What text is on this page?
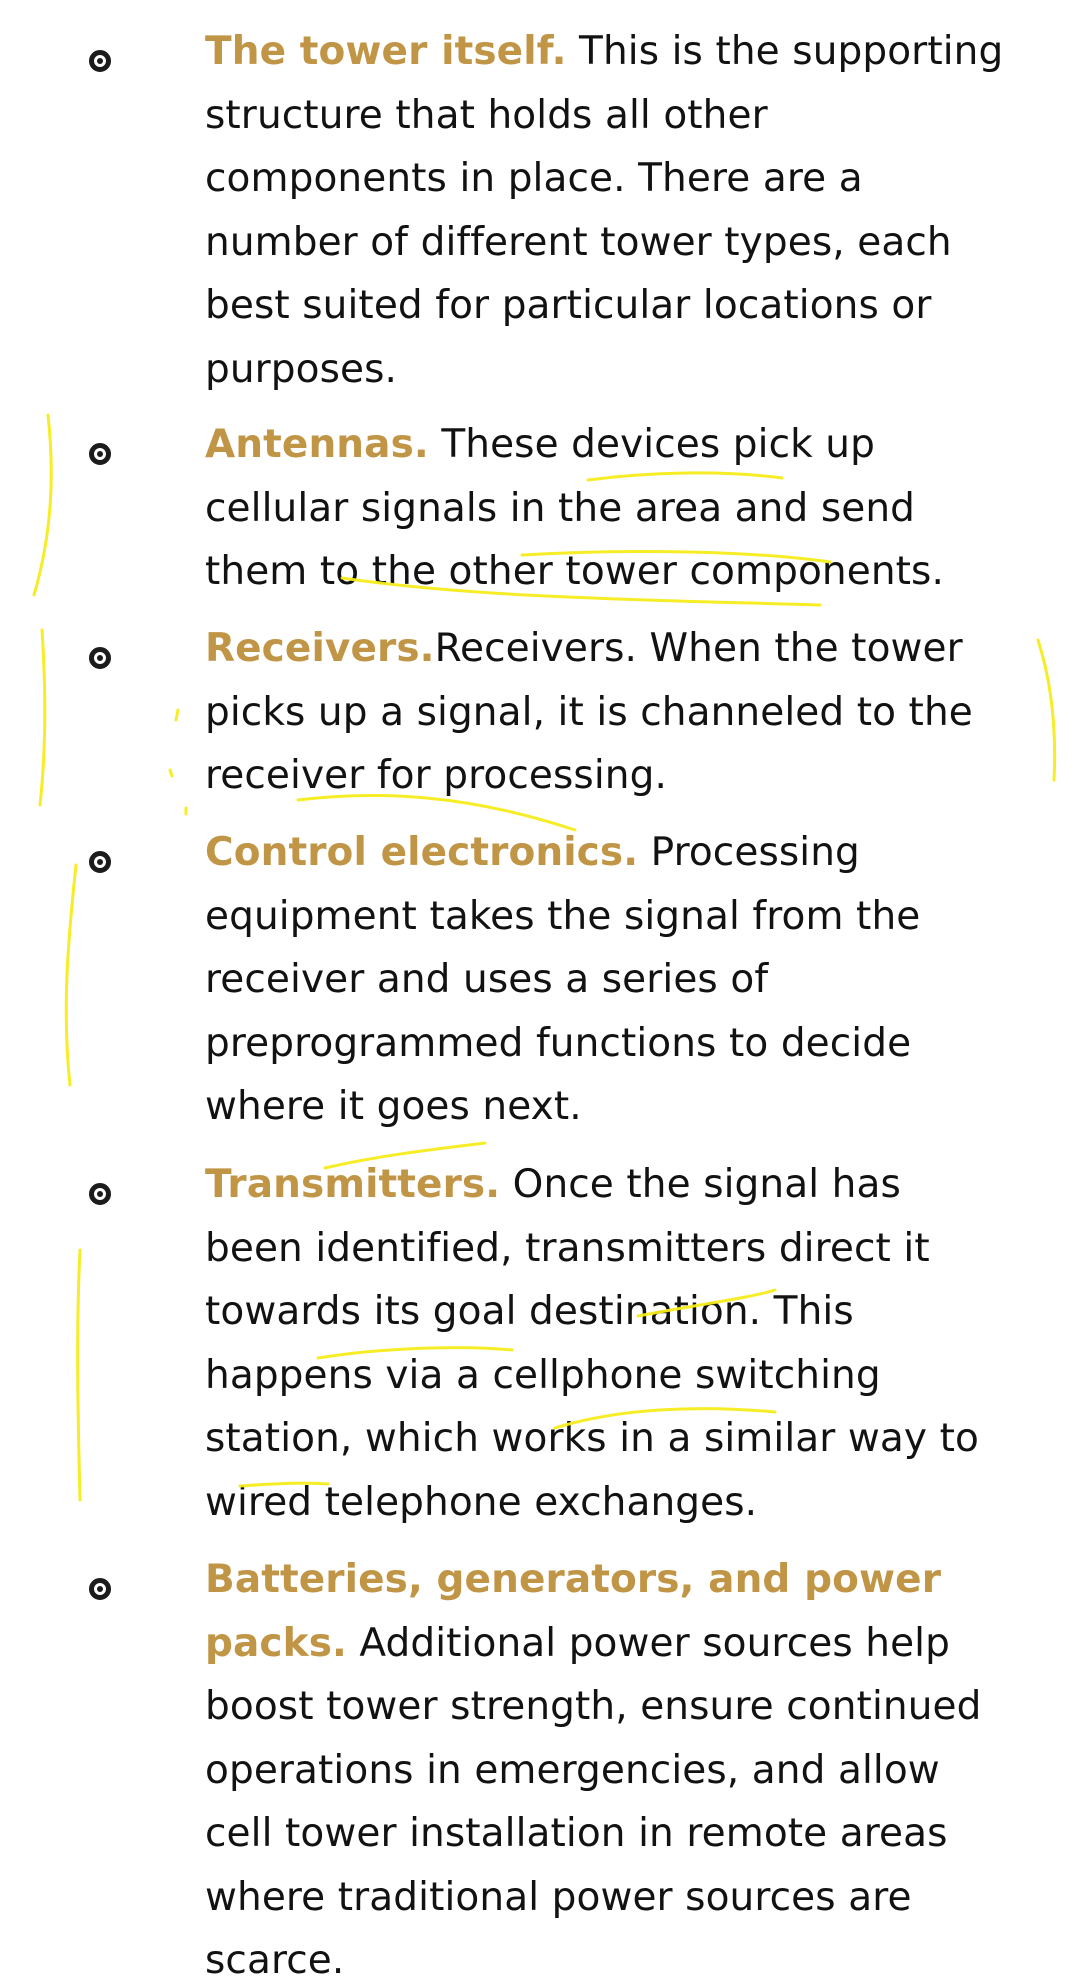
The tower itself. This is the supporting structure that holds all other components in place. There are a number of different tower types, each best suited for particular locations or purposes.
Antennas. These devices pick up cellular signals in the area and send them to the other tower components.
Receivers.Receivers. When the tower picks up a signal, it is channeled to the receiver for processing.
Control electronics. Processing equipment takes the signal from the receiver and uses a series of preprogrammed functions to decide where it goes next.
Transmitters. Once the signal has been identified, transmitters direct it towards its goal destination. This happens via a cellphone switching station, which works in a similar way to wired telephone exchanges.
Batteries, generators, and power packs. Additional power sources help boost tower strength, ensure continued operations in emergencies, and allow cell tower installation in remote areas where traditional power sources are scarce.
